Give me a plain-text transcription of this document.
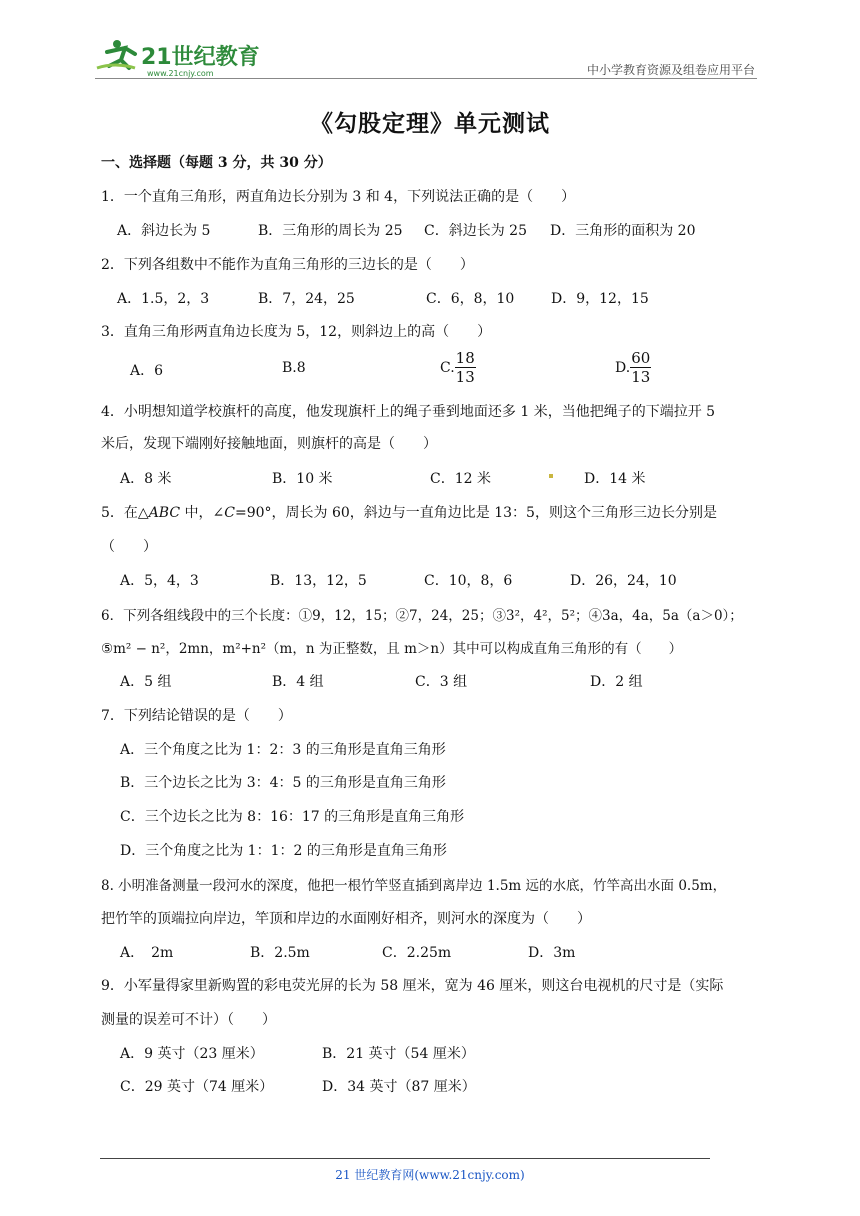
21世纪教育
www.21cnjy.com	中小学教育资源及组卷应用平台
《勾股定理》单元测试
一、选择题（每题 3 分，共 30 分）
1．一个直角三角形，两直角边长分别为 3 和 4，下列说法正确的是（　　）
A．斜边长为 5	B．三角形的周长为 25 C．斜边长为 25 D．三角形的面积为 20
2．下列各组数中不能作为直角三角形的三边长的是（　　）
A．1.5，2，3	B．7，24，25	C．6，8，10	D．9，12，15
3．直角三角形两直角边长度为 5，12，则斜边上的高（　　）
A．6	B.8	C. $\frac{18}{13}$	D. $\frac{60}{13}$
4．小明想知道学校旗杆的高度，他发现旗杆上的绳子垂到地面还多 1 米，当他把绳子的下端拉开 5
米后，发现下端刚好接触地面，则旗杆的高是（　　）
A．8 米	B．10 米	C．12 米	D．14 米
5．在△ABC 中，∠C=90°，周长为 60，斜边与一直角边比是 13：5，则这个三角形三边长分别是
（　　）
A．5，4，3	B．13，12，5	C．10，8，6	D．26，24，10
6．下列各组线段中的三个长度：①9，12，15；②7，24，25；③3²，4²，5²；④3a，4a，5a（a＞0）；
⑤m² − n²，2mn，m²+n²（m，n 为正整数，且 m＞n）其中可以构成直角三角形的有（　　）
A．5 组	B．4 组	C．3 组	D．2 组
7．下列结论错误的是（　　）
A．三个角度之比为 1：2：3 的三角形是直角三角形
B．三个边长之比为 3：4：5 的三角形是直角三角形
C．三个边长之比为 8：16：17 的三角形是直角三角形
D．三个角度之比为 1：1：2 的三角形是直角三角形
8. 小明准备测量一段河水的深度，他把一根竹竿竖直插到离岸边 1.5m 远的水底，竹竿高出水面 0.5m，
把竹竿的顶端拉向岸边，竿顶和岸边的水面刚好相齐，则河水的深度为（　　）
A．　2m	B．2.5m	C．2.25m	D．3m
9．小军量得家里新购置的彩电荧光屏的长为 58 厘米，宽为 46 厘米，则这台电视机的尺寸是（实际
测量的误差可不计）（　　）
A．9 英寸（23 厘米）	B．21 英寸（54 厘米）
C．29 英寸（74 厘米）	D．34 英寸（87 厘米）
21 世纪教育网(www.21cnjy.com)
